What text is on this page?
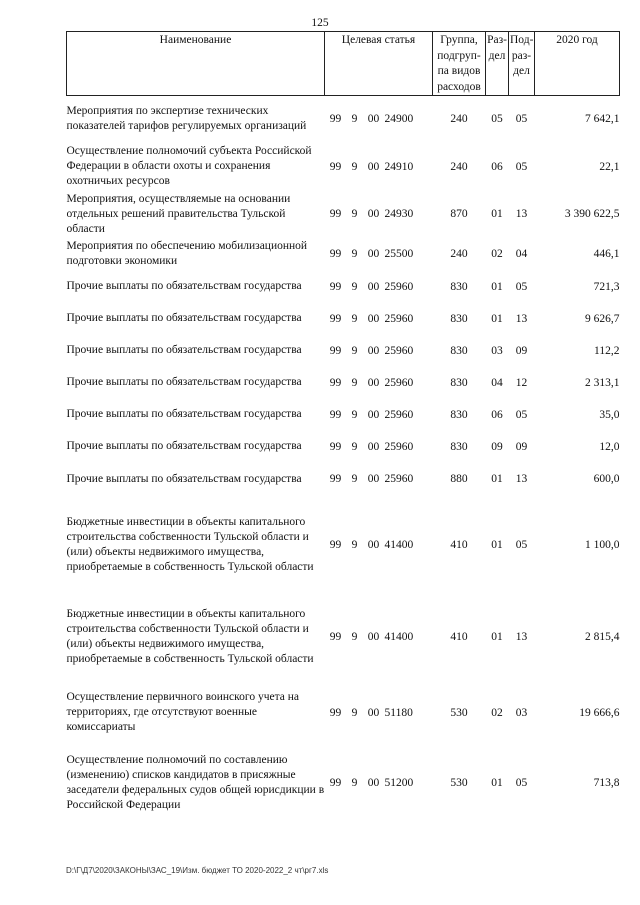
125
Наименование	Целевая статья				Группа, подгруп-па видов расходов	Раз-дел	Под-раз-дел	2020 год
Мероприятия по экспертизе технических показателей тарифов регулируемых организаций	99	9	00	24900	240	05	05	7 642,1
Осуществление полномочий субъекта Российской Федерации в области охоты и сохранения охотничьих ресурсов	99	9	00	24910	240	06	05	22,1
Мероприятия, осуществляемые на основании отдельных решений правительства Тульской области	99	9	00	24930	870	01	13	3 390 622,5
Мероприятия по обеспечению мобилизационной подготовки экономики	99	9	00	25500	240	02	04	446,1
Прочие выплаты по обязательствам государства	99	9	00	25960	830	01	05	721,3
Прочие выплаты по обязательствам государства	99	9	00	25960	830	01	13	9 626,7
Прочие выплаты по обязательствам государства	99	9	00	25960	830	03	09	112,2
Прочие выплаты по обязательствам государства	99	9	00	25960	830	04	12	2 313,1
Прочие выплаты по обязательствам государства	99	9	00	25960	830	06	05	35,0
Прочие выплаты по обязательствам государства	99	9	00	25960	830	09	09	12,0
Прочие выплаты по обязательствам государства	99	9	00	25960	880	01	13	600,0
Бюджетные инвестиции в объекты капитального строительства собственности Тульской области и (или) объекты недвижимого имущества, приобретаемые в собственность Тульской области	99	9	00	41400	410	01	05	1 100,0
Бюджетные инвестиции в объекты капитального строительства собственности Тульской области и (или) объекты недвижимого имущества, приобретаемые в собственность Тульской области	99	9	00	41400	410	01	13	2 815,4
Осуществление первичного воинского учета на территориях, где отсутствуют военные комиссариаты	99	9	00	51180	530	02	03	19 666,6
Осуществление полномочий по составлению (изменению) списков кандидатов в присяжные заседатели федеральных судов общей юрисдикции в Российской Федерации	99	9	00	51200	530	01	05	713,8
D:\Г\Д7\2020\ЗАКОНЫ\ЗАС_19\Изм. бюджет ТО 2020-2022_2 чт\рг7.xls
